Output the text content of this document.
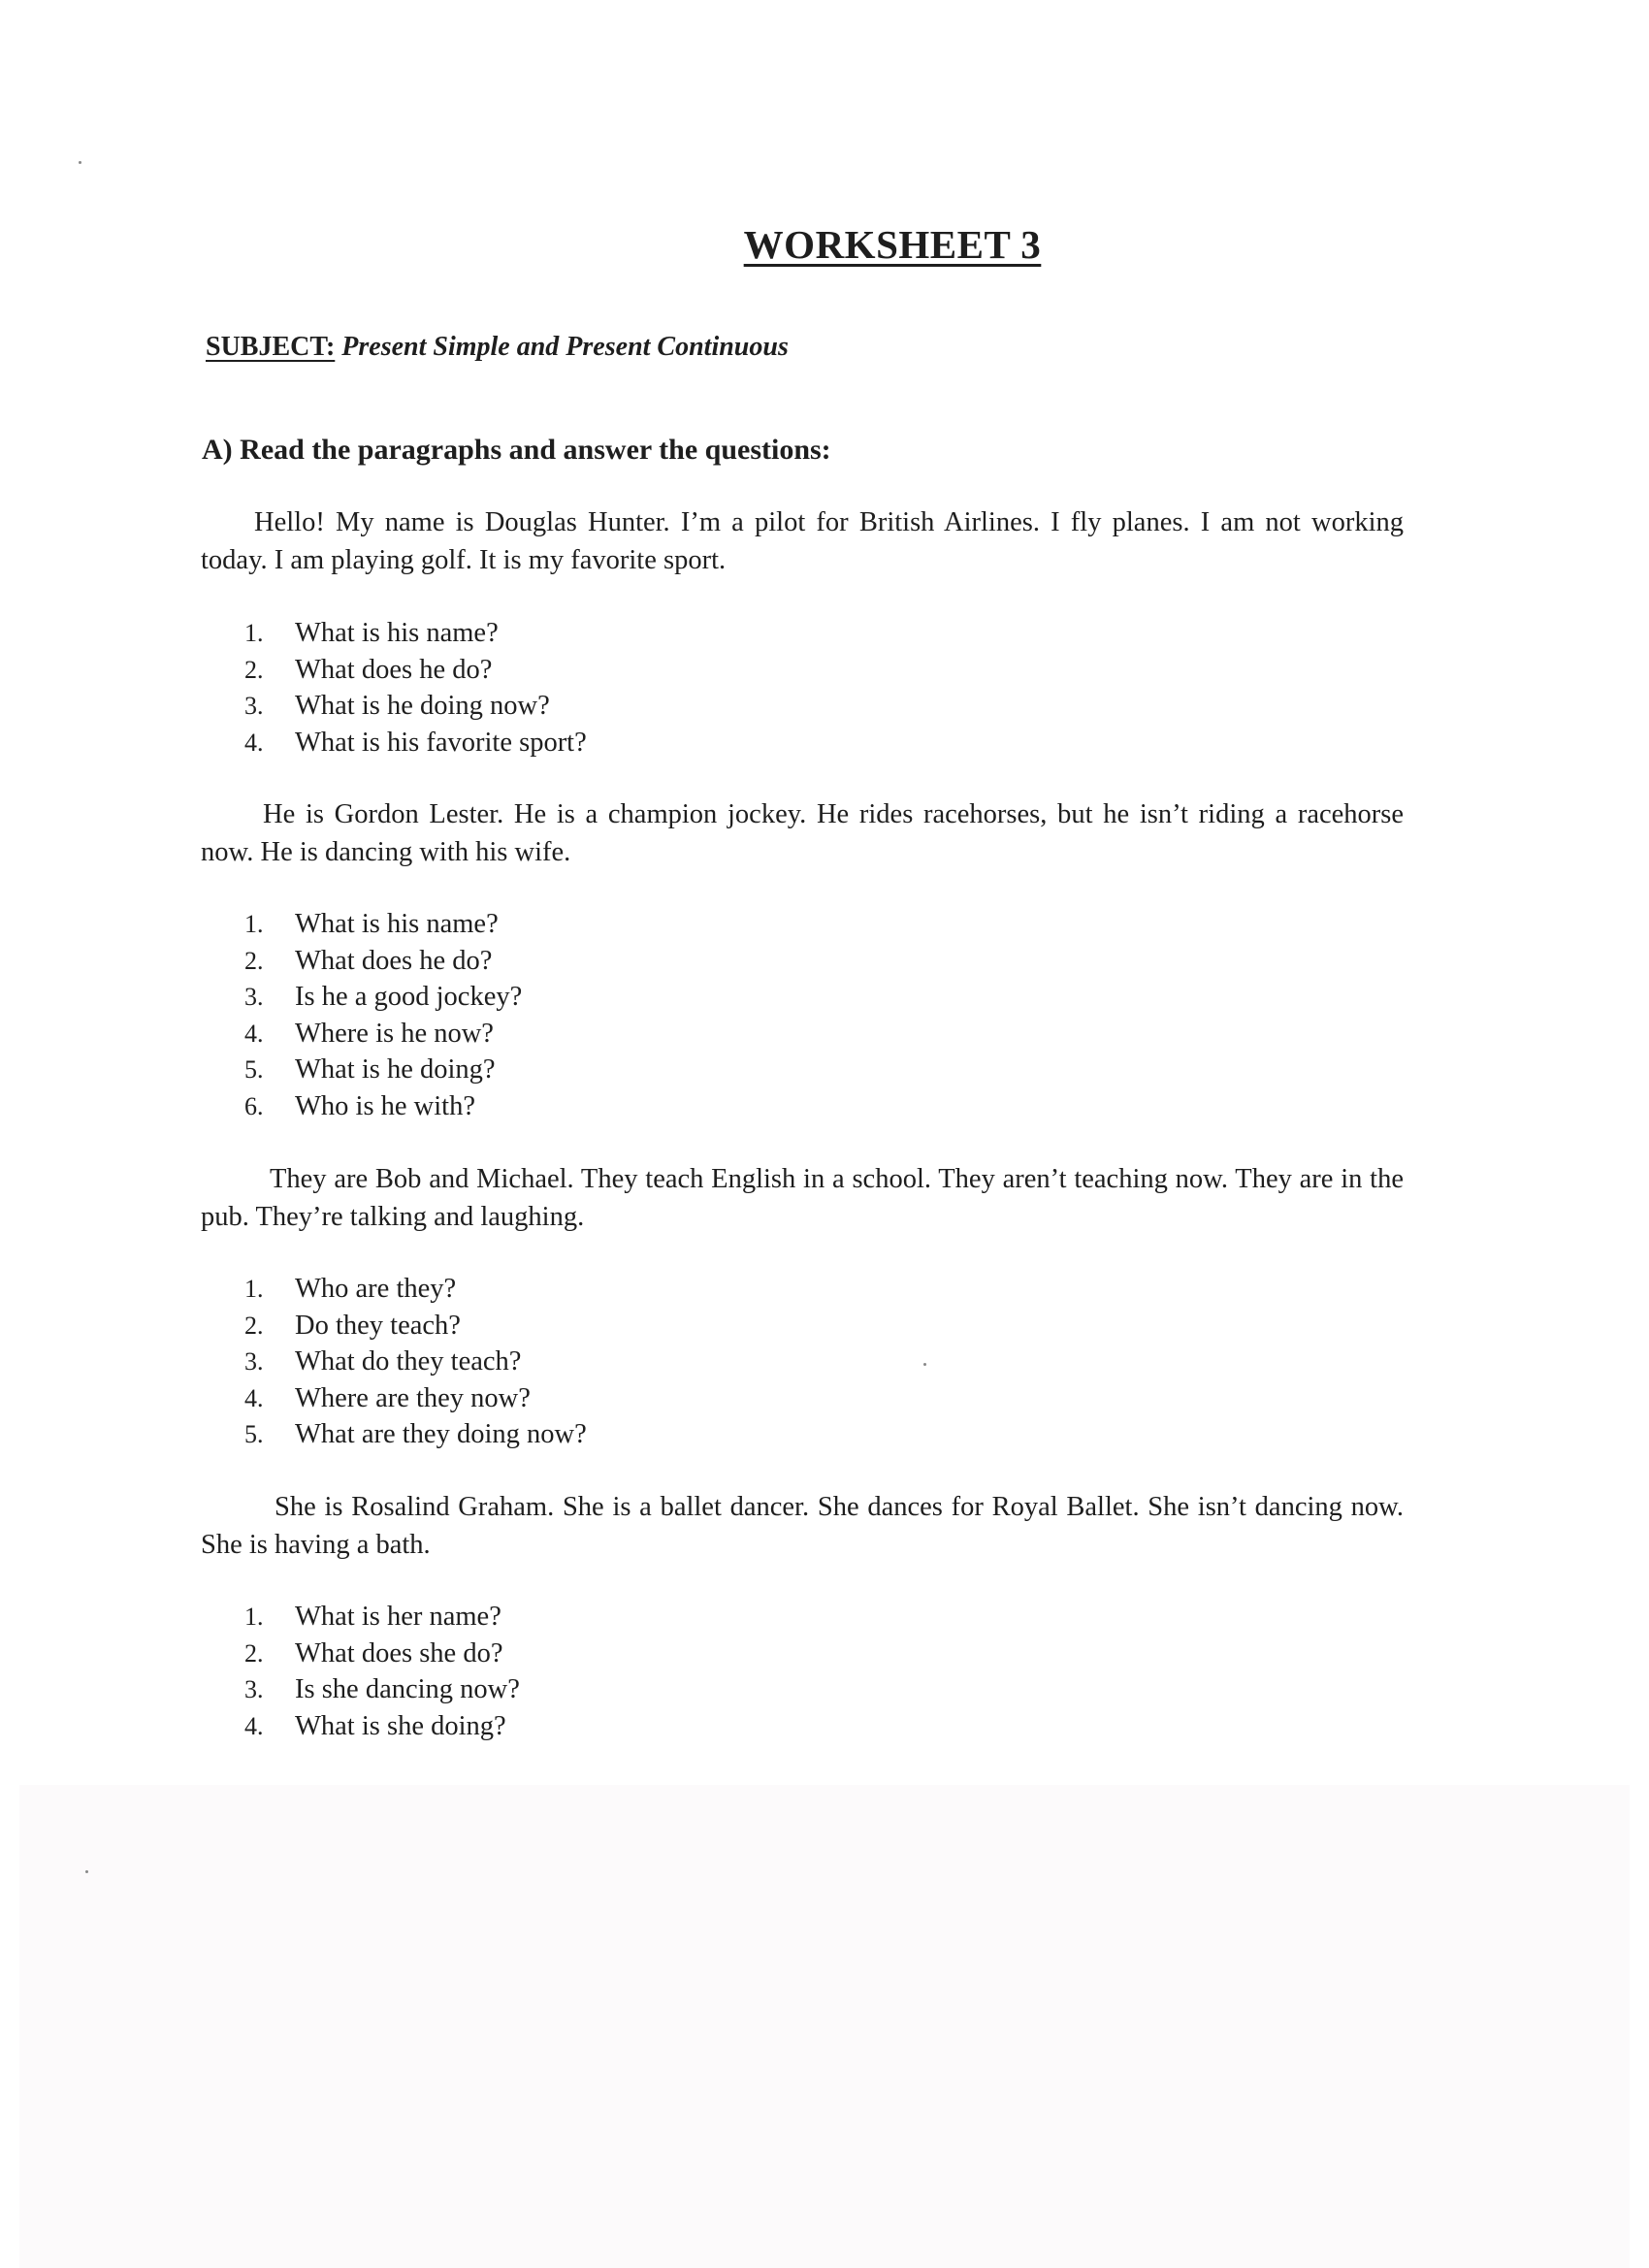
WORKSHEET 3
SUBJECT: Present Simple and Present Continuous
A) Read the paragraphs and answer the questions:
Hello! My name is Douglas Hunter. I’m a pilot for British Airlines. I fly planes. I am not working today. I am playing golf. It is my favorite sport.
1.	What is his name?
2.	What does he do?
3.	What is he doing now?
4.	What is his favorite sport?
He is Gordon Lester. He is a champion jockey. He rides racehorses, but he isn’t riding a racehorse now. He is dancing with his wife.
1.	What is his name?
2.	What does he do?
3.	Is he a good jockey?
4.	Where is he now?
5.	What is he doing?
6.	Who is he with?
They are Bob and Michael. They teach English in a school. They aren’t teaching now. They are in the pub. They’re talking and laughing.
1.	Who are they?
2.	Do they teach?
3.	What do they teach?
4.	Where are they now?
5.	What are they doing now?
She is Rosalind Graham. She is a ballet dancer. She dances for Royal Ballet. She isn’t dancing now. She is having a bath.
1.	What is her name?
2.	What does she do?
3.	Is she dancing now?
4.	What is she doing?
